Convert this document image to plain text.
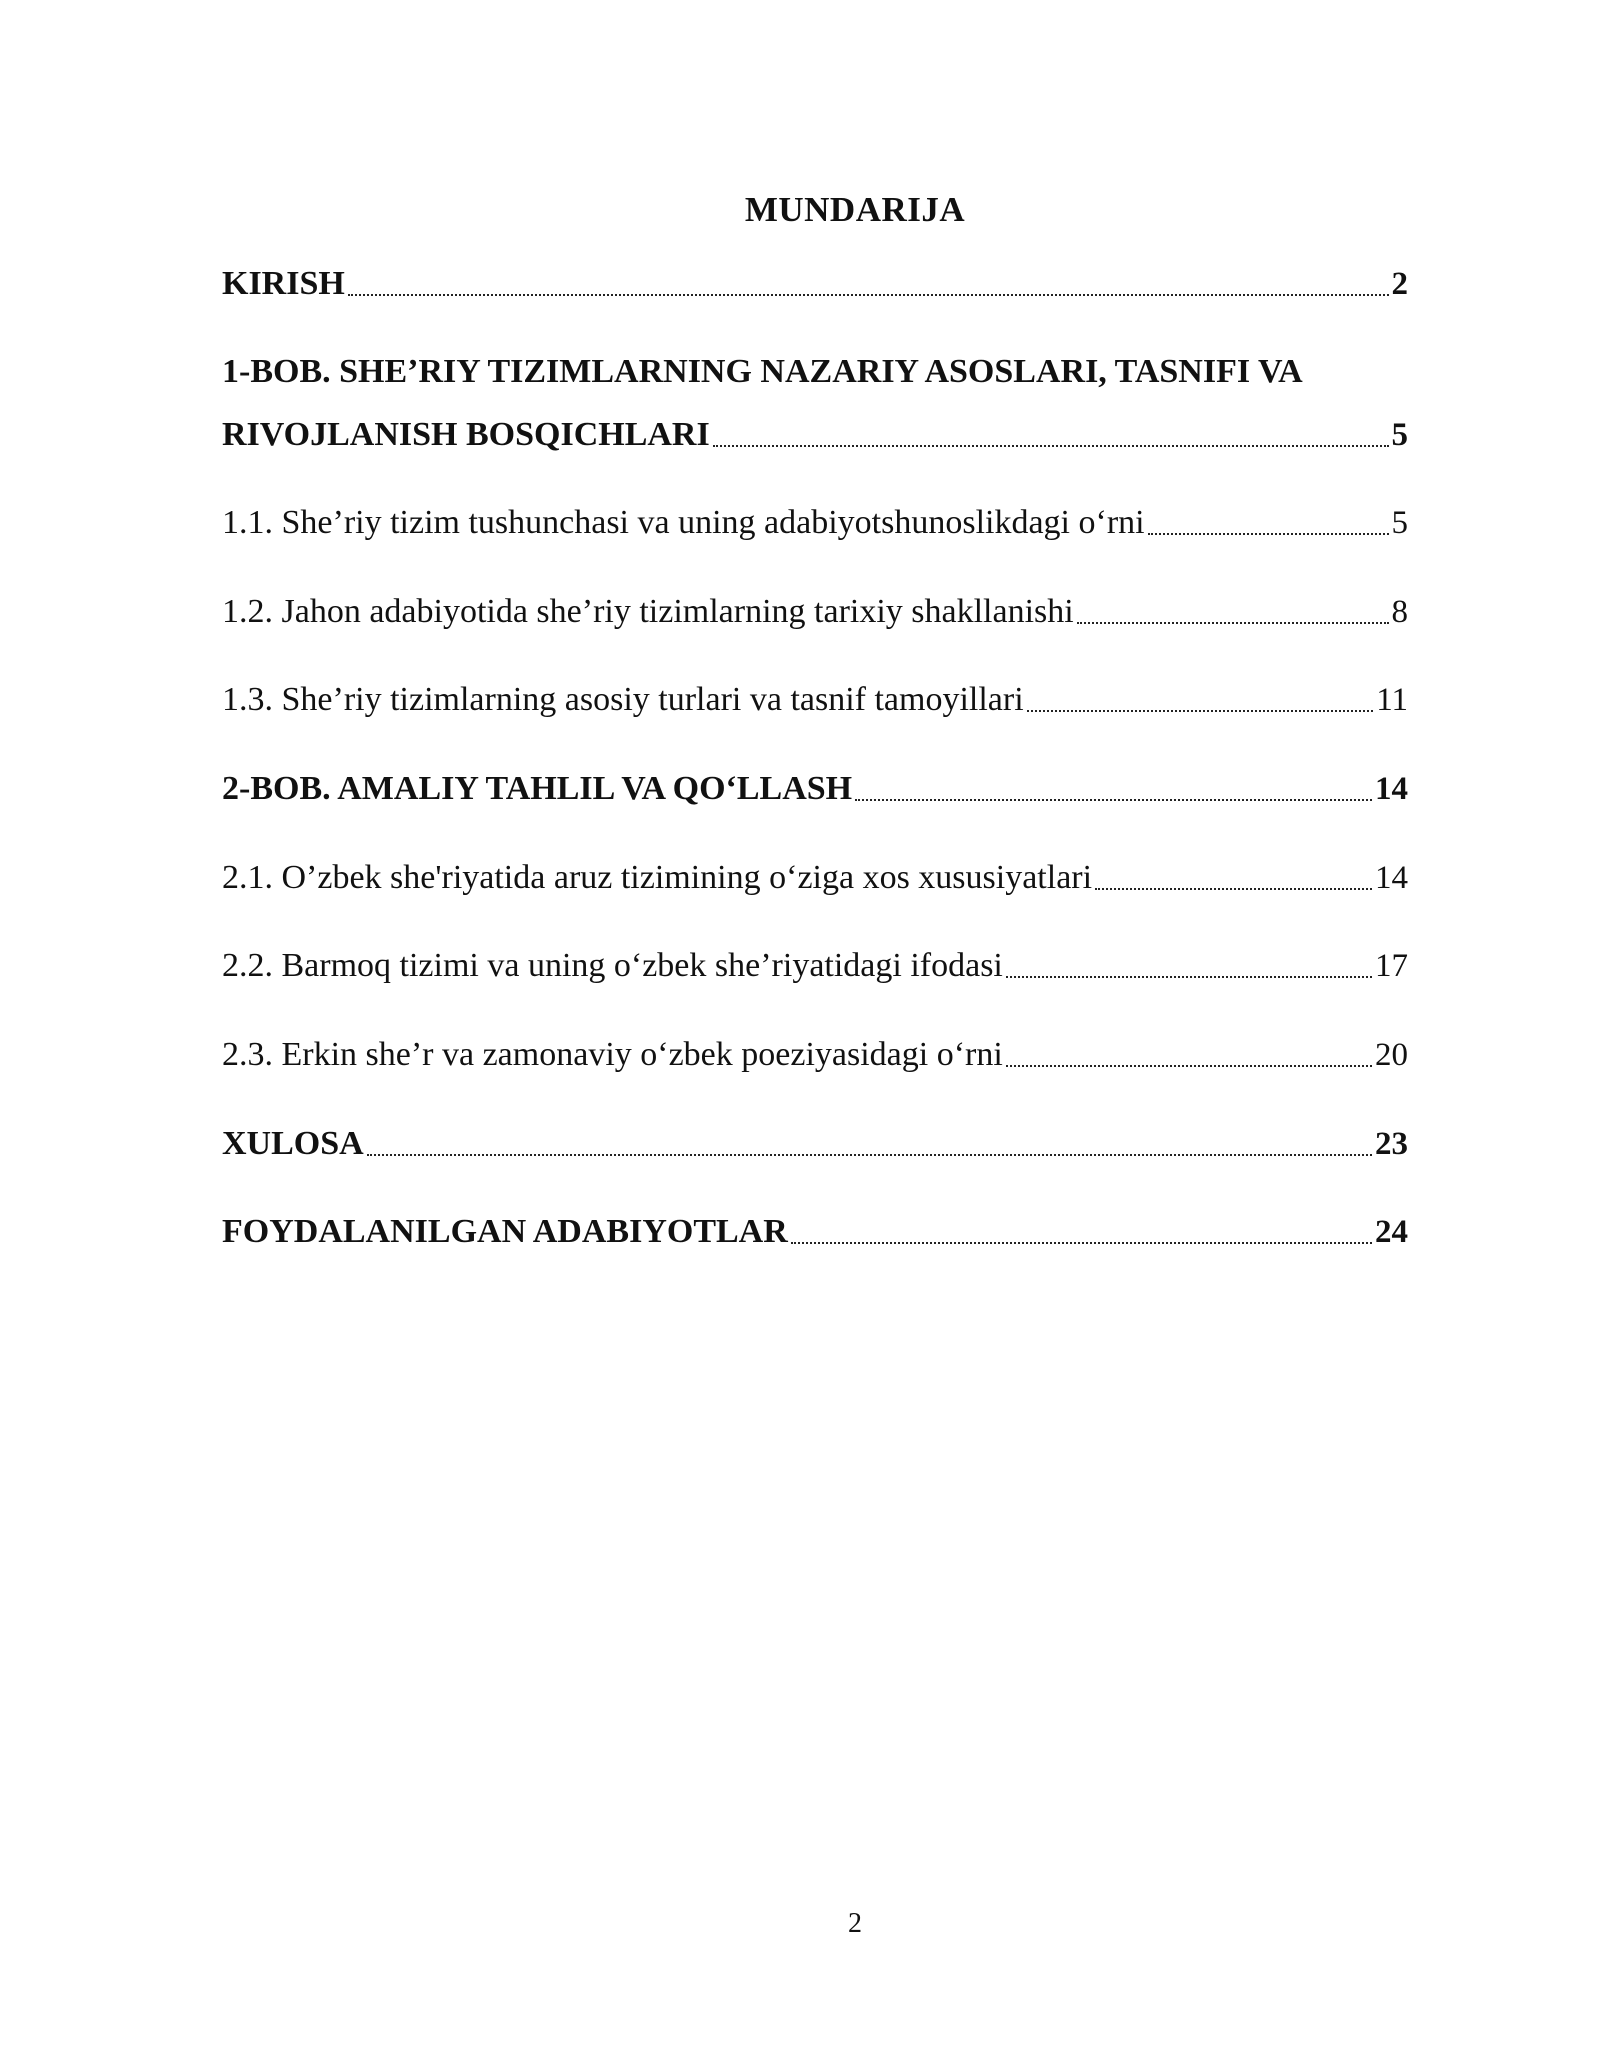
MUNDARIJA
KIRISH	2
1-BOB. SHE’RIY TIZIMLARNING NAZARIY ASOSLARI, TASNIFI VA
RIVOJLANISH BOSQICHLARI	5
1.1. She’riy tizim tushunchasi va uning adabiyotshunoslikdagi o‘rni	5
1.2. Jahon adabiyotida she’riy tizimlarning tarixiy shakllanishi	8
1.3. She’riy tizimlarning asosiy turlari va tasnif tamoyillari	11
2-BOB. AMALIY TAHLIL VA QO‘LLASH	14
2.1. O’zbek she'riyatida aruz tizimining o‘ziga xos xususiyatlari	14
2.2. Barmoq tizimi va uning o‘zbek she’riyatidagi ifodasi	17
2.3. Erkin she’r va zamonaviy o‘zbek poeziyasidagi o‘rni	20
XULOSA	23
FOYDALANILGAN ADABIYOTLAR	24
2
